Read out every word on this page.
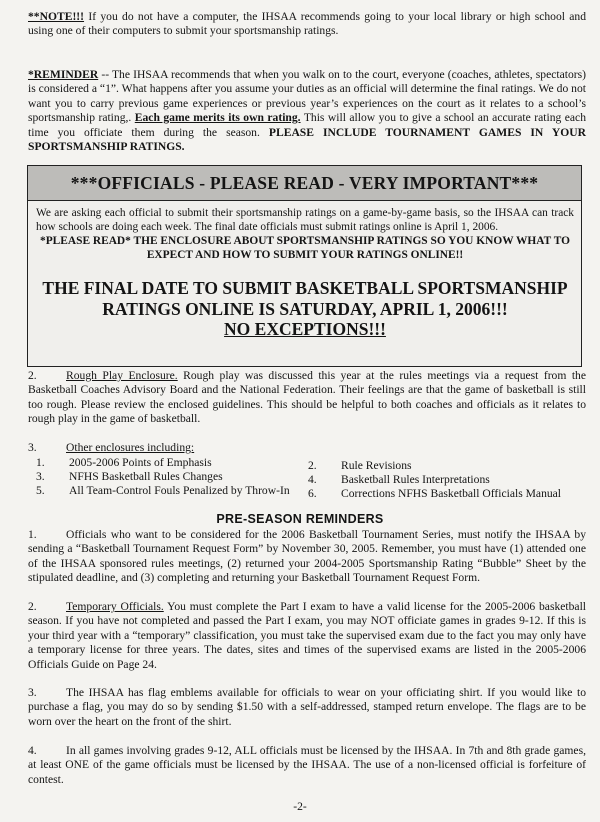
**NOTE!!! If you do not have a computer, the IHSAA recommends going to your local library or high school and using one of their computers to submit your sportsmanship ratings.

*REMINDER -- The IHSAA recommends that when you walk on to the court, everyone (coaches, athletes, spectators) is considered a “1”. What happens after you assume your duties as an official will determine the final ratings. We do not want you to carry previous game experiences or previous year’s experiences on the court as it relates to a school’s sportsmanship rating,. Each game merits its own rating. This will allow you to give a school an accurate rating each time you officiate them during the season. PLEASE INCLUDE TOURNAMENT GAMES IN YOUR SPORTSMANSHIP RATINGS.

***OFFICIALS - PLEASE READ - VERY IMPORTANT***
We are asking each official to submit their sportsmanship ratings on a game-by-game basis, so the IHSAA can track how schools are doing each week. The final date officials must submit ratings online is April 1, 2006.
*PLEASE READ* THE ENCLOSURE ABOUT SPORTSMANSHIP RATINGS SO YOU KNOW WHAT TO EXPECT AND HOW TO SUBMIT YOUR RATINGS ONLINE!!
THE FINAL DATE TO SUBMIT BASKETBALL SPORTSMANSHIP
RATINGS ONLINE IS SATURDAY, APRIL 1, 2006!!!
NO EXCEPTIONS!!!

2.	Rough Play Enclosure. Rough play was discussed this year at the rules meetings via a request from the Basketball Coaches Advisory Board and the National Federation. Their feelings are that the game of basketball is still too rough. Please review the enclosed guidelines. This should be helpful to both coaches and officials as it relates to rough play in the game of basketball.

3.	Other enclosures including:
1. 2005-2006 Points of Emphasis
3. NFHS Basketball Rules Changes
5. All Team-Control Fouls Penalized by Throw-In
2. Rule Revisions
4. Basketball Rules Interpretations
6. Corrections NFHS Basketball Officials Manual
PRE-SEASON REMINDERS

1.	Officials who want to be considered for the 2006 Basketball Tournament Series, must notify the IHSAA by sending a “Basketball Tournament Request Form” by November 30, 2005. Remember, you must have (1) attended one of the IHSAA sponsored rules meetings, (2) returned your 2004-2005 Sportsmanship Rating “Bubble” Sheet by the stipulated deadline, and (3) completing and returning your Basketball Tournament Request Form.

2.	Temporary Officials. You must complete the Part I exam to have a valid license for the 2005-2006 basketball season. If you have not completed and passed the Part I exam, you may NOT officiate games in grades 9-12. If this is your third year with a “temporary” classification, you must take the supervised exam due to the fact you may only have a temporary license for three years. The dates, sites and times of the supervised exams are listed in the 2005-2006 Officials Guide on Page 24.

3.	The IHSAA has flag emblems available for officials to wear on your officiating shirt. If you would like to purchase a flag, you may do so by sending $1.50 with a self-addressed, stamped return envelope. The flags are to be worn over the heart on the front of the shirt.

4.	In all games involving grades 9-12, ALL officials must be licensed by the IHSAA. In 7th and 8th grade games, at least ONE of the game officials must be licensed by the IHSAA. The use of a non-licensed official is forfeiture of contest.

-2-
